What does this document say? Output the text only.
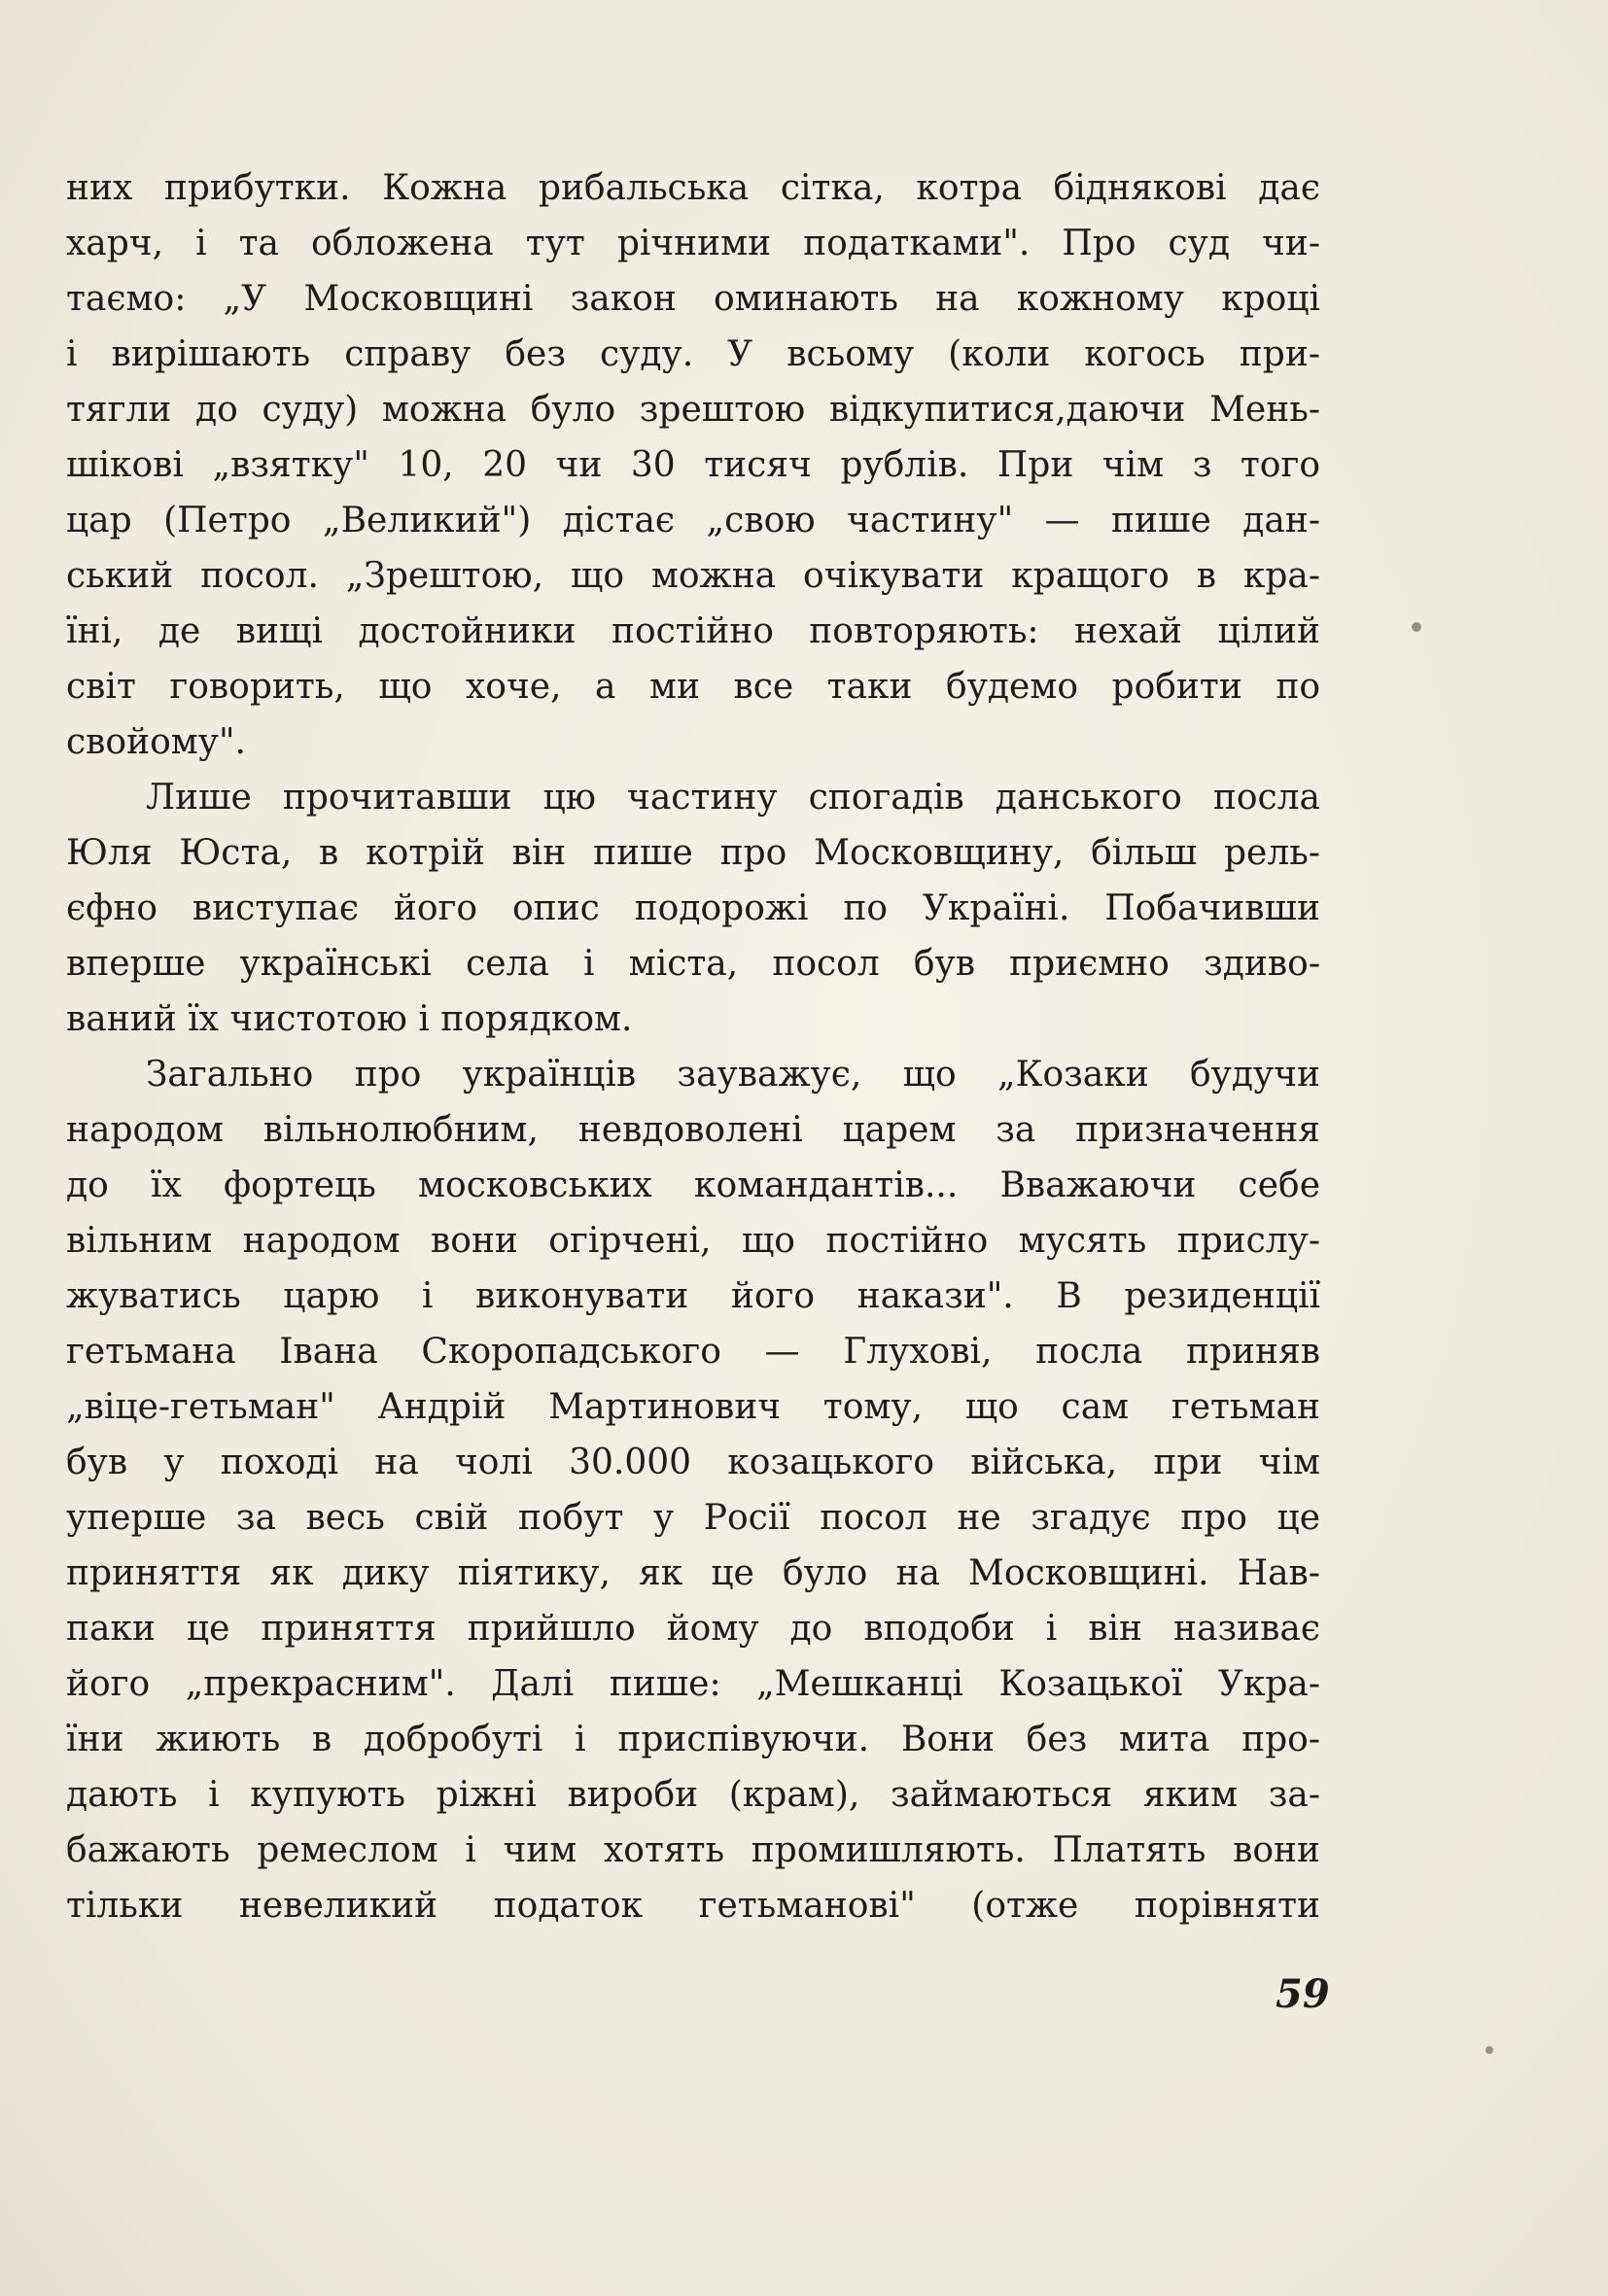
них прибутки. Кожна рибальська сітка, котра біднякові дає
харч, і та обложена тут річними податками". Про суд чи-
таємо: „У Московщині закон оминають на кожному кроці
і вирішають справу без суду. У всьому (коли когось при-
тягли до суду) можна було зрештою відкупитися,даючи Мень-
шікові „взятку" 10, 20 чи 30 тисяч рублів. При чім з того
цар (Петро „Великий") дістає „свою частину" — пише дан-
ський посол. „Зрештою, що можна очікувати кращого в кра-
їні, де вищі достойники постійно повторяють: нехай цілий
світ говорить, що хоче, а ми все таки будемо робити по
свойому".
Лише прочитавши цю частину спогадів данського посла
Юля Юста, в котрій він пише про Московщину, більш рель-
єфно виступає його опис подорожі по Україні. Побачивши
вперше українські села і міста, посол був приємно здиво-
ваний їх чистотою і порядком.
Загально про українців зауважує, що „Козаки будучи
народом вільнолюбним, невдоволені царем за призначення
до їх фортець московських командантів... Вважаючи себе
вільним народом вони огірчені, що постійно мусять прислу-
жуватись царю і виконувати його накази". В резиденції
гетьмана Івана Скоропадського — Глухові, посла приняв
„віце-гетьман" Андрій Мартинович тому, що сам гетьман
був у поході на чолі 30.000 козацького війська, при чім
уперше за весь свій побут у Росії посол не згадує про це
приняття як дику піятику, як це було на Московщині. Нав-
паки це приняття прийшло йому до вподоби і він називає
його „прекрасним". Далі пише: „Мешканці Козацької Укра-
їни жиють в добробуті і приспівуючи. Вони без мита про-
дають і купують ріжні вироби (крам), займаються яким за-
бажають ремеслом і чим хотять промишляють. Платять вони
тільки невеликий податок гетьманові" (отже порівняти
59
